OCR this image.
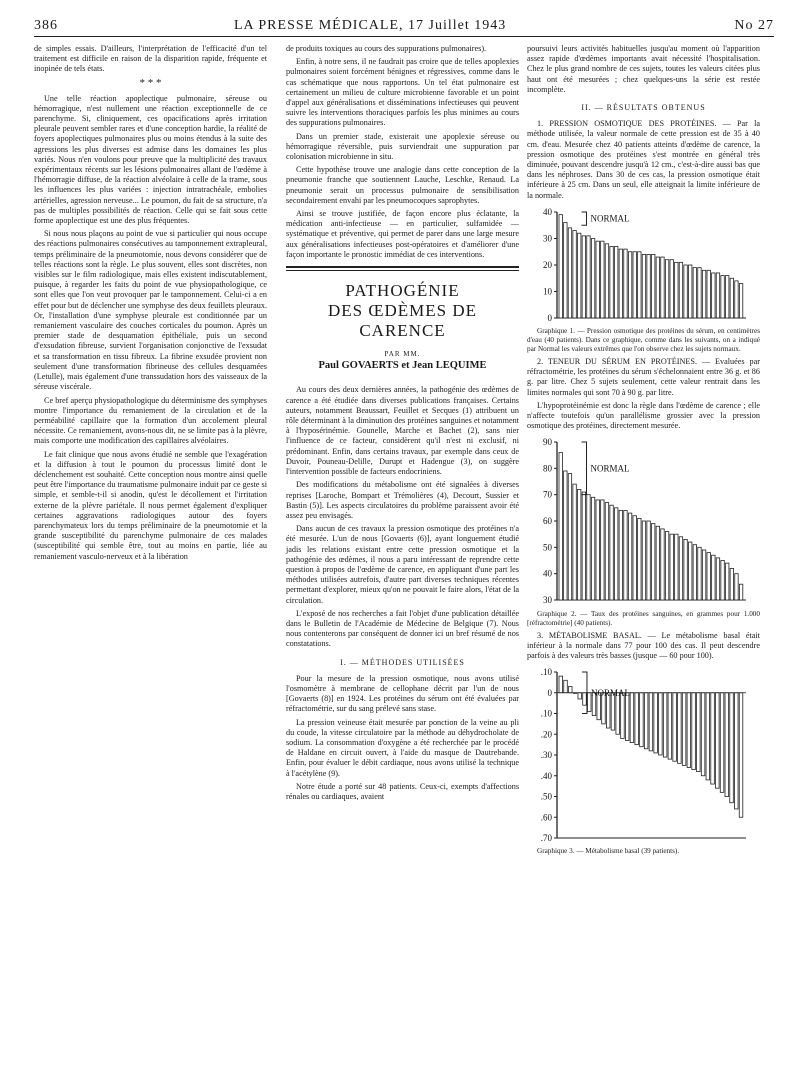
386	LA PRESSE MÉDICALE, 17 Juillet 1943	No 27

de simples essais. D'ailleurs, l'interprétation de l'efficacité d'un tel traitement est difficile en raison de la disparition rapide, fréquente et inopinée de tels états.

* * *

Une telle réaction apoplectique pulmonaire, séreuse ou hémorragique, n'est nullement une réaction exceptionnelle de ce parenchyme. Si, cliniquement, ces opacifications après irritation pleurale peuvent sembler rares et d'une conception hardie, la réalité de foyers apoplectiques pulmonaires plus ou moins étendus à la suite des agressions les plus diverses est admise dans les domaines les plus variés. Nous n'en voulons pour preuve que la multiplicité des travaux expérimentaux récents sur les lésions pulmonaires allant de l'œdème à l'hémorragie diffuse, de la réaction alvéolaire à celle de la trame, sous les influences les plus variées : injection intratrachéale, embolies artérielles, agression nerveuse... Le poumon, du fait de sa structure, n'a pas de multiples possibilités de réaction. Celle qui se fait sous cette forme apoplectique est une des plus fréquentes.

Si nous nous plaçons au point de vue si particulier qui nous occupe des réactions pulmonaires consécutives au tamponnement extrapleural, temps préliminaire de la pneumotomie, nous devons considérer que de telles réactions sont la règle. Le plus souvent, elles sont discrètes, non visibles sur le film radiologique, mais elles existent indiscutablement, puisque, à regarder les faits du point de vue physiopathologique, ce sont elles que l'on veut provoquer par le tamponnement. Celui-ci a en effet pour but de déclencher une symphyse des deux feuillets pleuraux. Or, l'installation d'une symphyse pleurale est conditionnée par un remaniement vasculaire des couches corticales du poumon. Après un premier stade de desquamation épithéliale, puis un second d'exsudation fibreuse, survient l'organisation conjonctive de l'exsudat et sa transformation en tissu fibreux. La fibrine exsudée provient non seulement d'une transformation fibrineuse des cellules desquamées (Letulle), mais également d'une transsudation hors des vaisseaux de la séreuse viscérale.

Ce bref aperçu physiopathologique du déterminisme des symphyses montre l'importance du remaniement de la circulation et de la perméabilité capillaire que la formation d'un accolement pleural nécessite. Ce remaniement, avons-nous dit, ne se limite pas à la plèvre, mais comporte une modification des capillaires alvéolaires.

Le fait clinique que nous avons étudié ne semble que l'exagération et la diffusion à tout le poumon du processus limité dont le déclenchement est souhaité. Cette conception nous montre ainsi quelle peut être l'importance du traumatisme pulmonaire induit par ce geste si simple, et semble-t-il si anodin, qu'est le décollement et l'irritation externe de la plèvre pariétale. Il nous permet également d'expliquer certaines aggravations radiologiques autour des foyers parenchymateux lors du temps préliminaire de la pneumotomie et la grande susceptibilité du parenchyme pulmonaire de ces malades (susceptibilité qui semble être, tout au moins en partie, liée au remaniement vasculo-nerveux et à la libération

de produits toxiques au cours des suppurations pulmonaires).

Enfin, à notre sens, il ne faudrait pas croire que de telles apoplexies pulmonaires soient forcément bénignes et régressives, comme dans le cas schématique que nous rapportons. Un tel état pulmonaire est certainement un milieu de culture microbienne favorable et un point d'appel aux généralisations et disséminations infectieuses qui peuvent suivre les interventions thoraciques parfois les plus minimes au cours des suppurations pulmonaires.

Dans un premier stade, existerait une apoplexie séreuse ou hémorragique réversible, puis surviendrait une suppuration par colonisation microbienne in situ.

Cette hypothèse trouve une analogie dans cette conception de la pneumonie franche que soutiennent Lauche, Leschke, Renaud. La pneumonie serait un processus pulmonaire de sensibilisation secondairement envahi par les pneumocoques saprophytes.

Ainsi se trouve justifiée, de façon encore plus éclatante, la médication anti-infectieuse — en particulier, sulfamidée — systématique et préventive, qui permet de parer dans une large mesure aux généralisations infectieuses post-opératoires et d'améliorer d'une façon importante le pronostic immédiat de ces interventions.

PATHOGÉNIE
DES ŒDÈMES DE CARENCE
PAR MM.
Paul GOVAERTS et Jean LEQUIME

Au cours des deux dernières années, la pathogénie des œdèmes de carence a été étudiée dans diverses publications françaises. Certains auteurs, notamment Beaussart, Feuillet et Secques (1) attribuent un rôle déterminant à la diminution des protéines sanguines et notamment à l'hyposérinémie. Gounelle, Marche et Bachet (2), sans nier l'influence de ce facteur, considèrent qu'il n'est ni exclusif, ni prédominant. Enfin, dans certains travaux, par exemple dans ceux de Duvoir, Pouneau-Delille, Durupt et Hadengue (3), on suggère l'intervention possible de facteurs endocriniens.

Des modifications du métabolisme ont été signalées à diverses reprises [Laroche, Bompart et Trémolières (4), Decourt, Sussier et Bastin (5)]. Les aspects circulatoires du problème paraissent avoir été assez peu envisagés.

Dans aucun de ces travaux la pression osmotique des protéines n'a été mesurée. L'un de nous [Govaerts (6)], ayant longuement étudié jadis les relations existant entre cette pression osmotique et la pathogénie des œdèmes, il nous a paru intéressant de reprendre cette question à propos de l'œdème de carence, en appliquant d'une part les méthodes utilisées autrefois, d'autre part diverses techniques récentes permettant d'explorer, mieux qu'on ne pouvait le faire alors, l'état de la circulation.

L'exposé de nos recherches a fait l'objet d'une publication détaillée dans le Bulletin de l'Académie de Médecine de Belgique (7). Nous nous contenterons par conséquent de donner ici un bref résumé de nos constatations.

I. — MÉTHODES UTILISÉES

Pour la mesure de la pression osmotique, nous avons utilisé l'osmomètre à membrane de cellophane décrit par l'un de nous [Govaerts (8)] en 1924. Les protéines du sérum ont été évaluées par réfractométrie, sur du sang prélevé sans stase.

La pression veineuse était mesurée par ponction de la veine au pli du coude, la vitesse circulatoire par la méthode au déhydrocholate de sodium. La consommation d'oxygène a été recherchée par le procédé de Haldane en circuit ouvert, à l'aide du masque de Dautrebande. Enfin, pour évaluer le débit cardiaque, nous avons utilisé la technique à l'acétylène (9).

Notre étude a porté sur 48 patients. Ceux-ci, exempts d'affections rénales ou cardiaques, avaient

poursuivi leurs activités habituelles jusqu'au moment où l'apparition assez rapide d'œdèmes importants avait nécessité l'hospitalisation. Chez le plus grand nombre de ces sujets, toutes les valeurs citées plus haut ont été mesurées ; chez quelques-uns la série est restée incomplète.

II. — RÉSULTATS OBTENUS

1. PRESSION OSMOTIQUE DES PROTÉINES. — Par la méthode utilisée, la valeur normale de cette pression est de 35 à 40 cm. d'eau. Mesurée chez 40 patients atteints d'œdème de carence, la pression osmotique des protéines s'est montrée en général très diminuée, pouvant descendre jusqu'à 12 cm., c'est-à-dire aussi bas que dans les néphroses. Dans 30 de ces cas, la pression osmotique était inférieure à 25 cm. Dans un seul, elle atteignait la limite inférieure de la normale.

40
30
20
10
0
NORMAL

Graphique 1. — Pression osmotique des protéines du sérum, en centimètres d'eau (40 patients). Dans ce graphique, comme dans les suivants, on a indiqué par Normal les valeurs extrêmes que l'on observe chez les sujets normaux.

2. TENEUR DU SÉRUM EN PROTÉINES. — Evaluées par réfractométrie, les protéines du sérum s'échelonnaient entre 36 g. et 86 g. par litre. Chez 5 sujets seulement, cette valeur rentrait dans les limites normales qui sont 70 à 90 g. par litre.

L'hypoprotéinémie est donc la règle dans l'œdème de carence ; elle n'affecte toutefois qu'un parallélisme grossier avec la pression osmotique des protéines, directement mesurée.

90
80
70
60
50
40
30
NORMAL

Graphique 2. — Taux des protéines sanguines, en grammes pour 1.000 [réfractométrie] (40 patients).

3. MÉTABOLISME BASAL. — Le métabolisme basal était inférieur à la normale dans 77 pour 100 des cas. Il peut descendre parfois à des valeurs très basses (jusque — 60 pour 100).

.10
0
.10
.20
.30
.40
.50
.60
.70
NORMAL

Graphique 3. — Métabolisme basal (39 patients).
